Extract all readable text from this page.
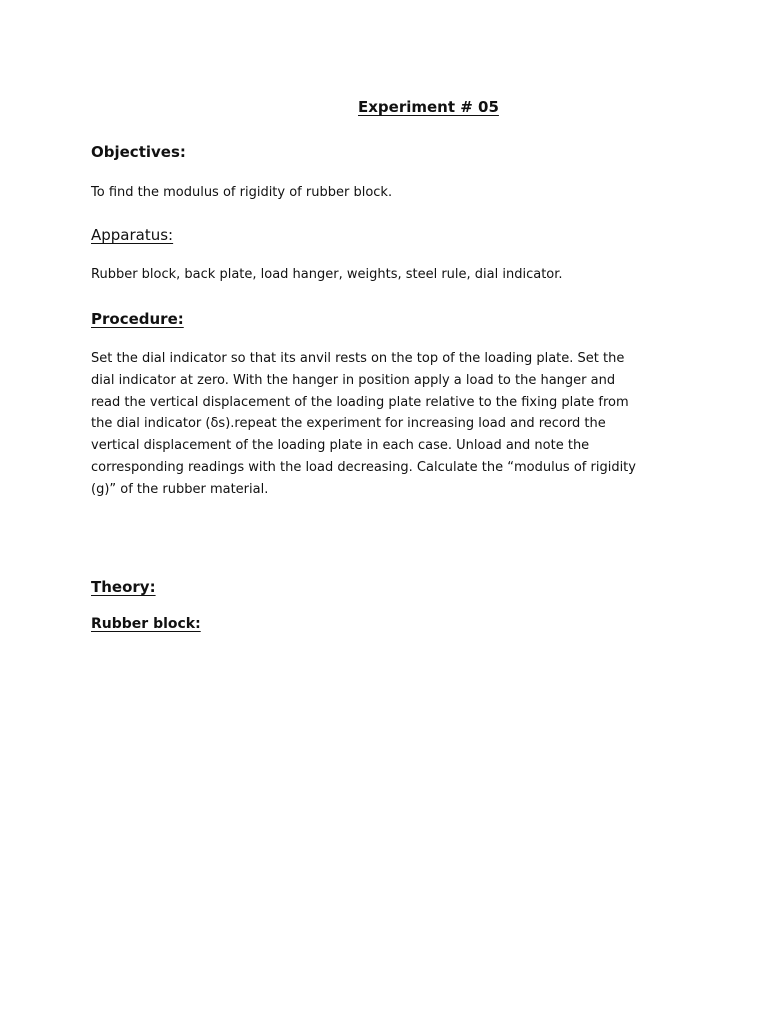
Experiment # 05
Objectives:
To find the modulus of rigidity of rubber block.
Apparatus:
Rubber block, back plate, load hanger, weights, steel rule, dial indicator.
Procedure:
Set the dial indicator so that its anvil rests on the top of the loading plate. Set the
dial indicator at zero. With the hanger in position apply a load to the hanger and
read the vertical displacement of the loading plate relative to the fixing plate from
the dial indicator (δs).repeat the experiment for increasing load and record the
vertical displacement of the loading plate in each case. Unload and note the
corresponding readings with the load decreasing. Calculate the “modulus of rigidity
(g)” of the rubber material.
Theory:
Rubber block:
